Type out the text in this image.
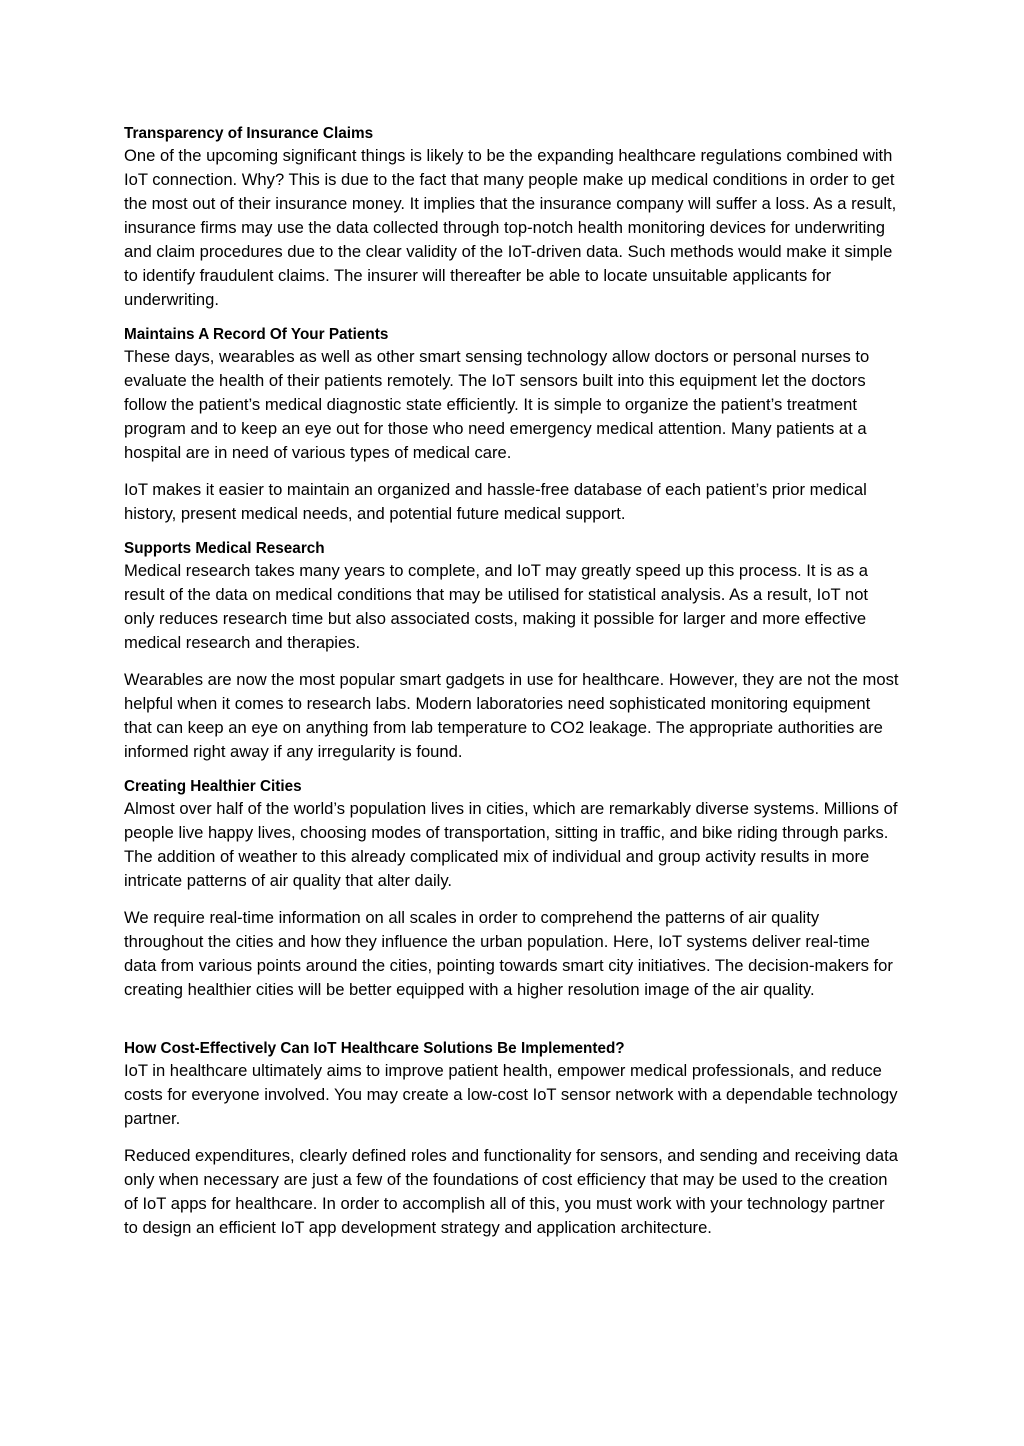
Transparency of Insurance Claims

One of the upcoming significant things is likely to be the expanding healthcare regulations combined with IoT connection. Why? This is due to the fact that many people make up medical conditions in order to get the most out of their insurance money. It implies that the insurance company will suffer a loss. As a result, insurance firms may use the data collected through top-notch health monitoring devices for underwriting and claim procedures due to the clear validity of the IoT-driven data. Such methods would make it simple to identify fraudulent claims. The insurer will thereafter be able to locate unsuitable applicants for underwriting.

Maintains A Record Of Your Patients

These days, wearables as well as other smart sensing technology allow doctors or personal nurses to evaluate the health of their patients remotely. The IoT sensors built into this equipment let the doctors follow the patient’s medical diagnostic state efficiently. It is simple to organize the patient’s treatment program and to keep an eye out for those who need emergency medical attention. Many patients at a hospital are in need of various types of medical care.

IoT makes it easier to maintain an organized and hassle-free database of each patient’s prior medical history, present medical needs, and potential future medical support.

Supports Medical Research

Medical research takes many years to complete, and IoT may greatly speed up this process. It is as a result of the data on medical conditions that may be utilised for statistical analysis. As a result, IoT not only reduces research time but also associated costs, making it possible for larger and more effective medical research and therapies.

Wearables are now the most popular smart gadgets in use for healthcare. However, they are not the most helpful when it comes to research labs. Modern laboratories need sophisticated monitoring equipment that can keep an eye on anything from lab temperature to CO2 leakage. The appropriate authorities are informed right away if any irregularity is found.

Creating Healthier Cities

Almost over half of the world’s population lives in cities, which are remarkably diverse systems. Millions of people live happy lives, choosing modes of transportation, sitting in traffic, and bike riding through parks. The addition of weather to this already complicated mix of individual and group activity results in more intricate patterns of air quality that alter daily.

We require real-time information on all scales in order to comprehend the patterns of air quality throughout the cities and how they influence the urban population. Here, IoT systems deliver real-time data from various points around the cities, pointing towards smart city initiatives. The decision-makers for creating healthier cities will be better equipped with a higher resolution image of the air quality.

How Cost-Effectively Can IoT Healthcare Solutions Be Implemented?

IoT in healthcare ultimately aims to improve patient health, empower medical professionals, and reduce costs for everyone involved. You may create a low-cost IoT sensor network with a dependable technology partner.

Reduced expenditures, clearly defined roles and functionality for sensors, and sending and receiving data only when necessary are just a few of the foundations of cost efficiency that may be used to the creation of IoT apps for healthcare. In order to accomplish all of this, you must work with your technology partner to design an efficient IoT app development strategy and application architecture.
